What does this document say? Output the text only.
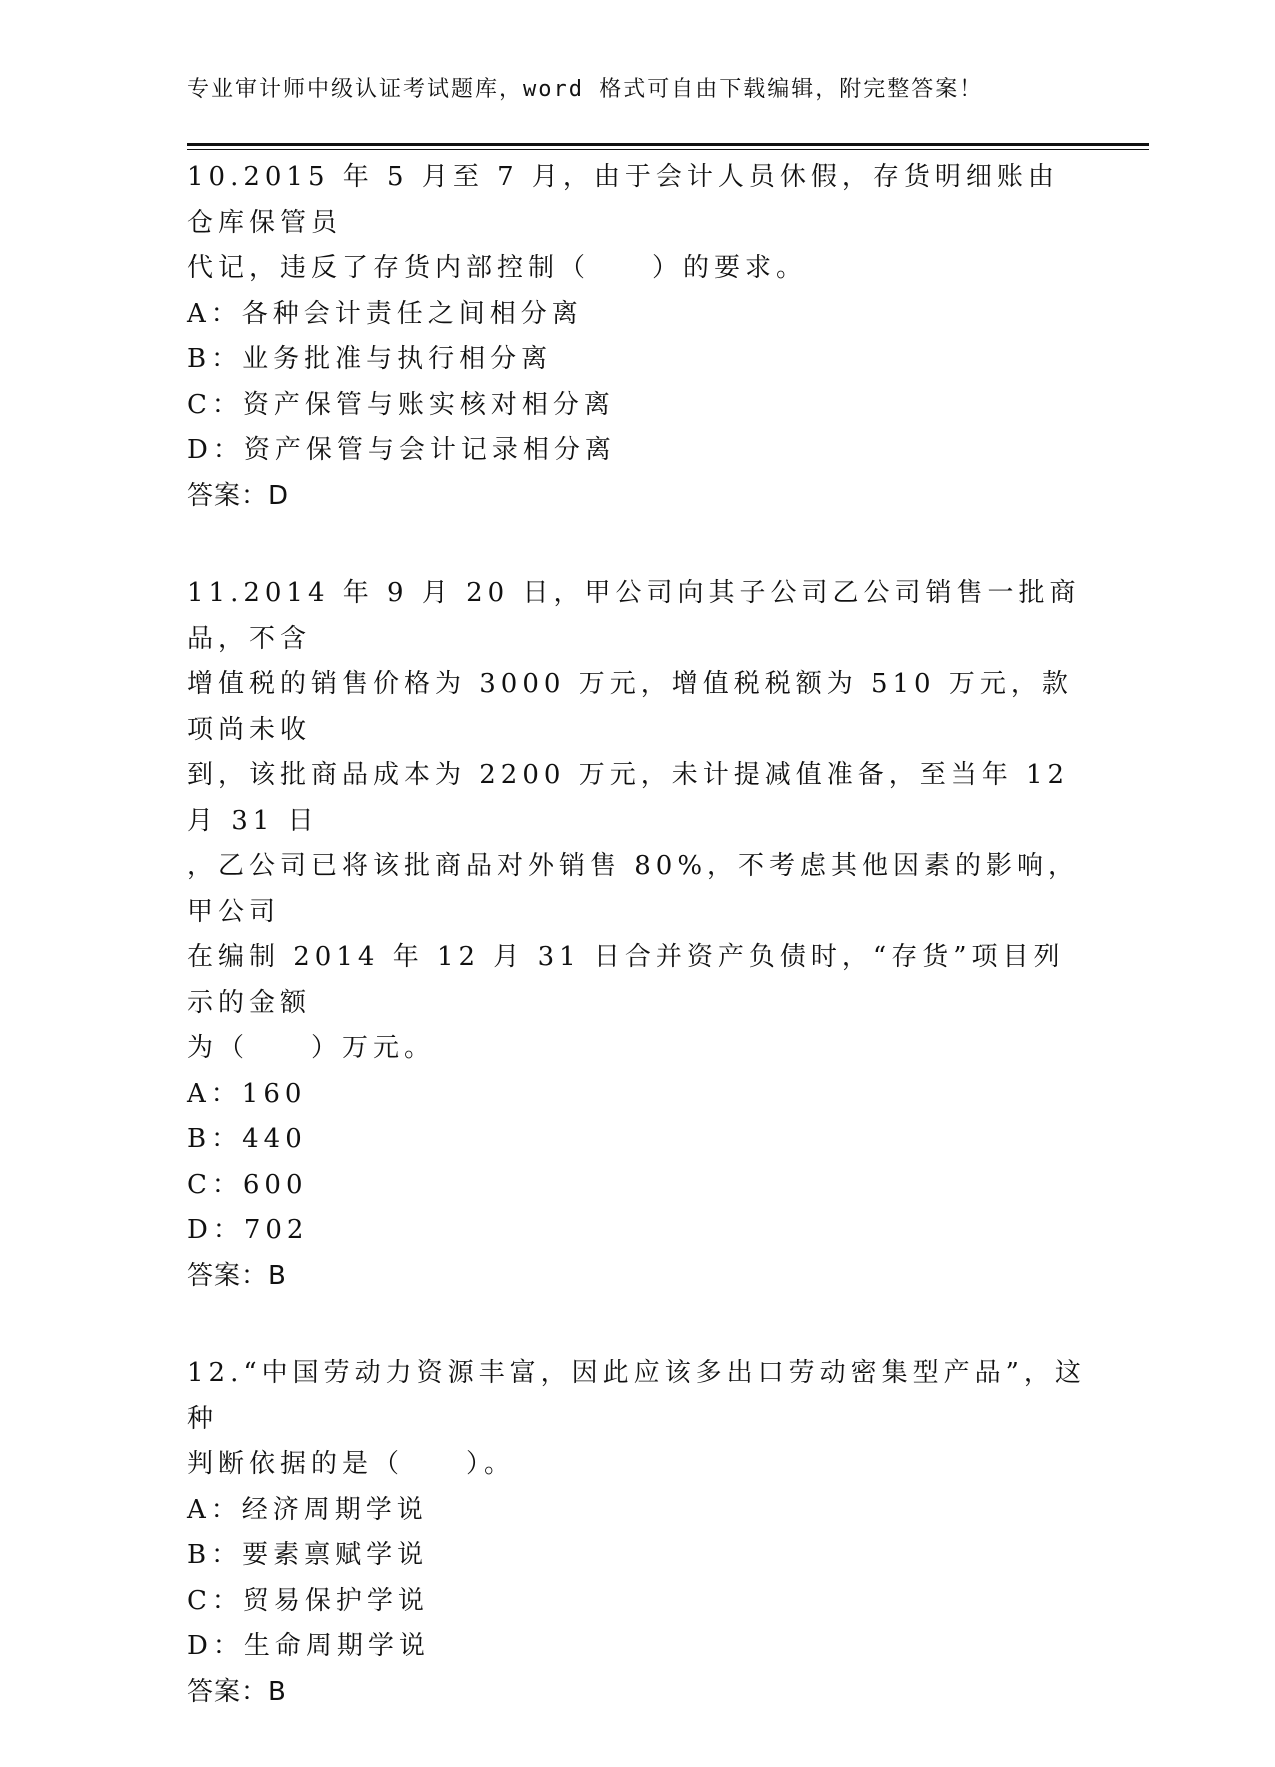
专业审计师中级认证考试题库，word 格式可自由下载编辑，附完整答案！

10.2015 年 5 月至 7 月，由于会计人员休假，存货明细账由仓库保管员

代记，违反了存货内部控制（　　）的要求。

A：各种会计责任之间相分离

B：业务批准与执行相分离

C：资产保管与账实核对相分离

D：资产保管与会计记录相分离

答案：D

11.2014 年 9 月 20 日，甲公司向其子公司乙公司销售一批商品，不含

增值税的销售价格为 3000 万元，增值税税额为 510 万元，款项尚未收

到，该批商品成本为 2200 万元，未计提减值准备，至当年 12 月 31 日

，乙公司已将该批商品对外销售 80%，不考虑其他因素的影响，甲公司

在编制 2014 年 12 月 31 日合并资产负债时，“存货”项目列示的金额

为（　　）万元。

A：160

B：440

C：600

D：702

答案：B

12.“中国劳动力资源丰富，因此应该多出口劳动密集型产品”，这种

判断依据的是（　　）。

A：经济周期学说

B：要素禀赋学说

C：贸易保护学说

D：生命周期学说

答案：B
